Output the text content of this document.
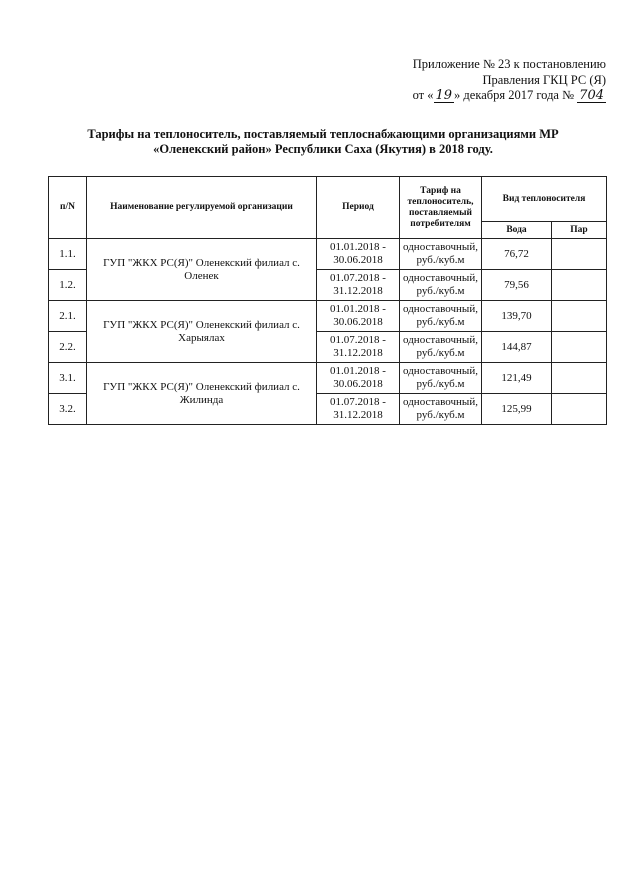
Приложение № 23 к постановлению
Правления ГКЦ РС (Я)
от « 19 » декабря 2017 года № 704
Тарифы на теплоноситель, поставляемый теплоснабжающими организациями МР
«Оленекский район» Республики Саха (Якутия) в 2018 году.
п/N	Наименование регулируемой организации	Период	Тариф на теплоноситель, поставляемый потребителям	Вид теплоносителя	
				Вода	Пар
1.1.	ГУП "ЖКХ РС(Я)" Оленекский филиал с. Оленек	01.01.2018 - 30.06.2018	одноставочный, руб./куб.м	76,72	
1.2.		01.07.2018 - 31.12.2018	одноставочный, руб./куб.м	79,56	
2.1.	ГУП "ЖКХ РС(Я)" Оленекский филиал с. Харыялах	01.01.2018 - 30.06.2018	одноставочный, руб./куб.м	139,70	
2.2.		01.07.2018 - 31.12.2018	одноставочный, руб./куб.м	144,87	
3.1.	ГУП "ЖКХ РС(Я)" Оленекский филиал с. Жилинда	01.01.2018 - 30.06.2018	одноставочный, руб./куб.м	121,49	
3.2.		01.07.2018 - 31.12.2018	одноставочный, руб./куб.м	125,99	
